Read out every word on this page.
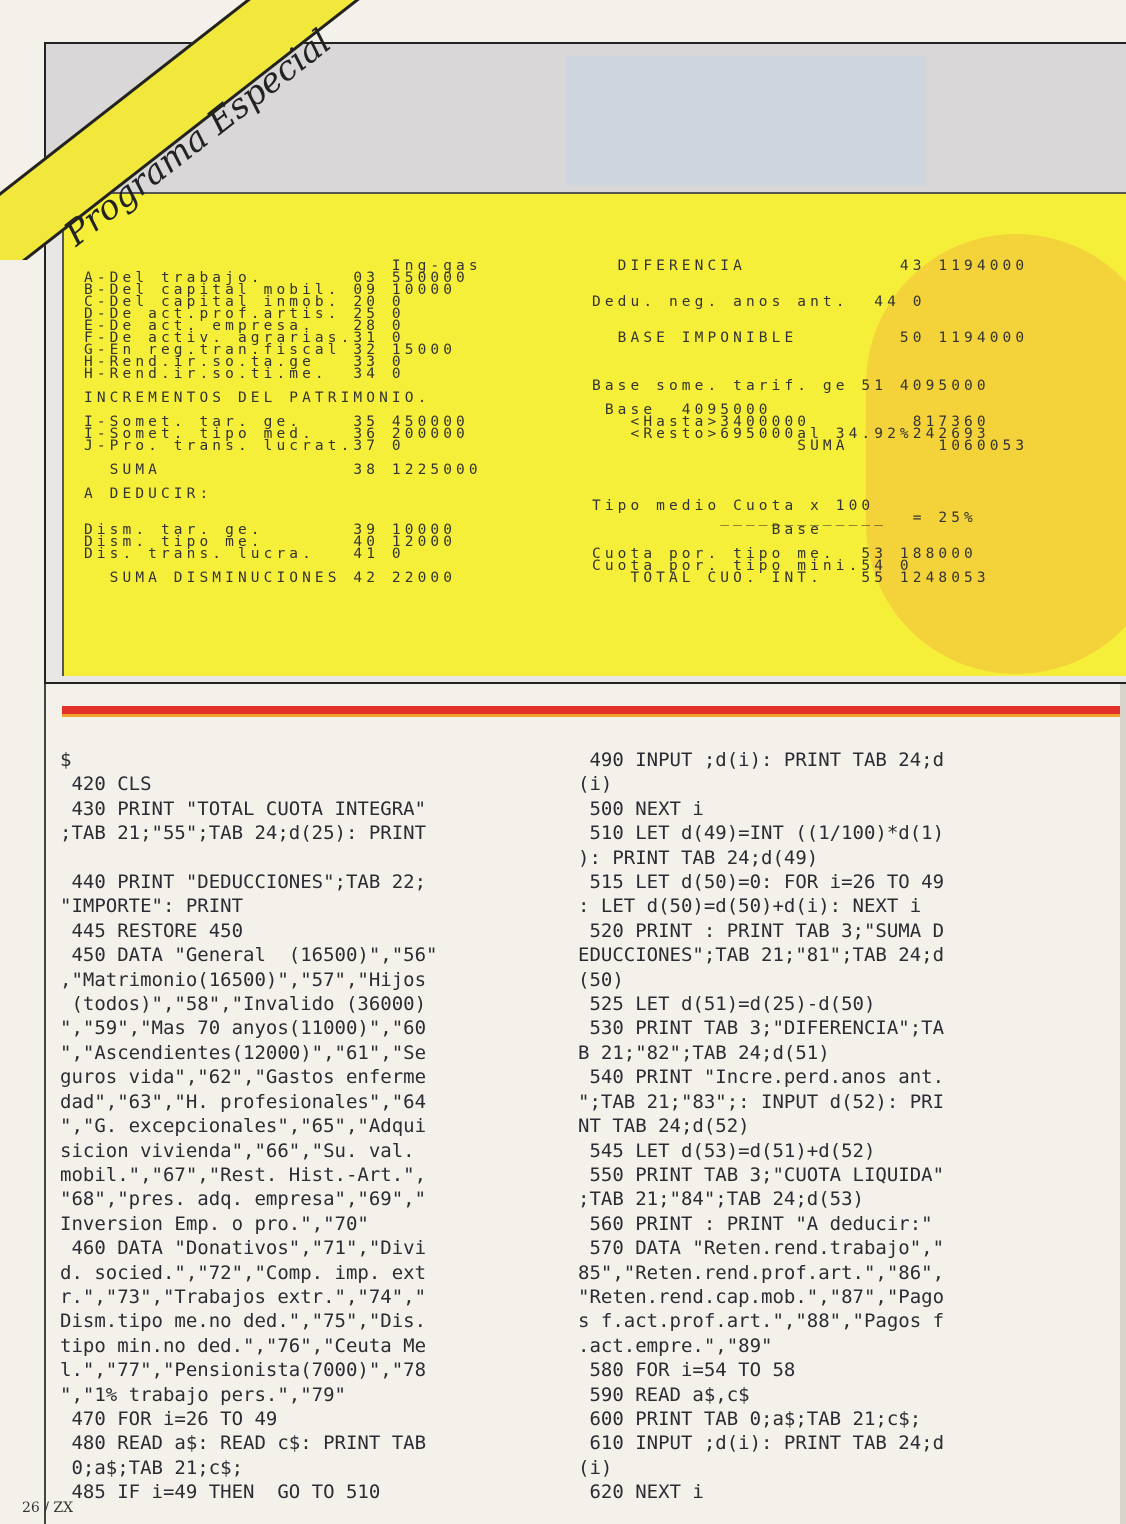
Ing-gas
A-Del trabajo.       03 550000
B-Del capital mobil. 09 10000
C-Del capital inmob. 20 0
D-De act.prof.artis. 25 0
E-De act. empresa.   28 0
F-De activ. agrarias.31 0
G-En reg.tran.fiscal 32 15000
H-Rend.ir.so.ta.ge   33 0
H-Rend.ir.so.ti.me.  34 0

INCREMENTOS DEL PATRIMONIO.

I-Somet. tar. ge.    35 450000
I-Somet. tipo med.   36 200000
J-Pro. trans. lucrat.37 0

SUMA               38 1225000

A DEDUCIR:

Dism. tar. ge.       39 10000
Dism. tipo me.       40 12000
Dis. trans. lucra.   41 0

SUMA DISMINUCIONES 42 22000
DIFERENCIA            43 1194000

Dedu. neg. anos ant.  44 0

BASE IMPONIBLE        50 1194000

Base some. tarif. ge 51 4095000

Base  4095000
<Hasta>3400000        817360
<Resto>695000al 34.92%242693
SUMA       1060053

Tipo medio Cuota x 100
_____________  = 25%
Base

Cuota por. tipo me.  53 188000
Cuota por. tipo mini.54 0
TOTAL CUO. INT.   55 1248053
Programa Especial
$
420 CLS
430 PRINT "TOTAL CUOTA INTEGRA"
;TAB 21;"55";TAB 24;d(25): PRINT

440 PRINT "DEDUCCIONES";TAB 22;
"IMPORTE": PRINT
445 RESTORE 450
450 DATA "General  (16500)","56"
,"Matrimonio(16500)","57","Hijos
(todos)","58","Invalido (36000)
","59","Mas 70 anyos(11000)","60
","Ascendientes(12000)","61","Se
guros vida","62","Gastos enferme
dad","63","H. profesionales","64
","G. excepcionales","65","Adqui
sicion vivienda","66","Su. val.
mobil.","67","Rest. Hist.-Art.",
"68","pres. adq. empresa","69","
Inversion Emp. o pro.","70"
460 DATA "Donativos","71","Divi
d. socied.","72","Comp. imp. ext
r.","73","Trabajos extr.","74","
Dism.tipo me.no ded.","75","Dis.
tipo min.no ded.","76","Ceuta Me
l.","77","Pensionista(7000)","78
","1% trabajo pers.","79"
470 FOR i=26 TO 49
480 READ a$: READ c$: PRINT TAB
0;a$;TAB 21;c$;
485 IF i=49 THEN  GO TO 510
490 INPUT ;d(i): PRINT TAB 24;d
(i)
500 NEXT i
510 LET d(49)=INT ((1/100)*d(1)
): PRINT TAB 24;d(49)
515 LET d(50)=0: FOR i=26 TO 49
: LET d(50)=d(50)+d(i): NEXT i
520 PRINT : PRINT TAB 3;"SUMA D
EDUCCIONES";TAB 21;"81";TAB 24;d
(50)
525 LET d(51)=d(25)-d(50)
530 PRINT TAB 3;"DIFERENCIA";TA
B 21;"82";TAB 24;d(51)
540 PRINT "Incre.perd.anos ant.
";TAB 21;"83";: INPUT d(52): PRI
NT TAB 24;d(52)
545 LET d(53)=d(51)+d(52)
550 PRINT TAB 3;"CUOTA LIQUIDA"
;TAB 21;"84";TAB 24;d(53)
560 PRINT : PRINT "A deducir:"
570 DATA "Reten.rend.trabajo","
85","Reten.rend.prof.art.","86",
"Reten.rend.cap.mob.","87","Pago
s f.act.prof.art.","88","Pagos f
.act.empre.","89"
580 FOR i=54 TO 58
590 READ a$,c$
600 PRINT TAB 0;a$;TAB 21;c$;
610 INPUT ;d(i): PRINT TAB 24;d
(i)
620 NEXT i
26 / ZX
